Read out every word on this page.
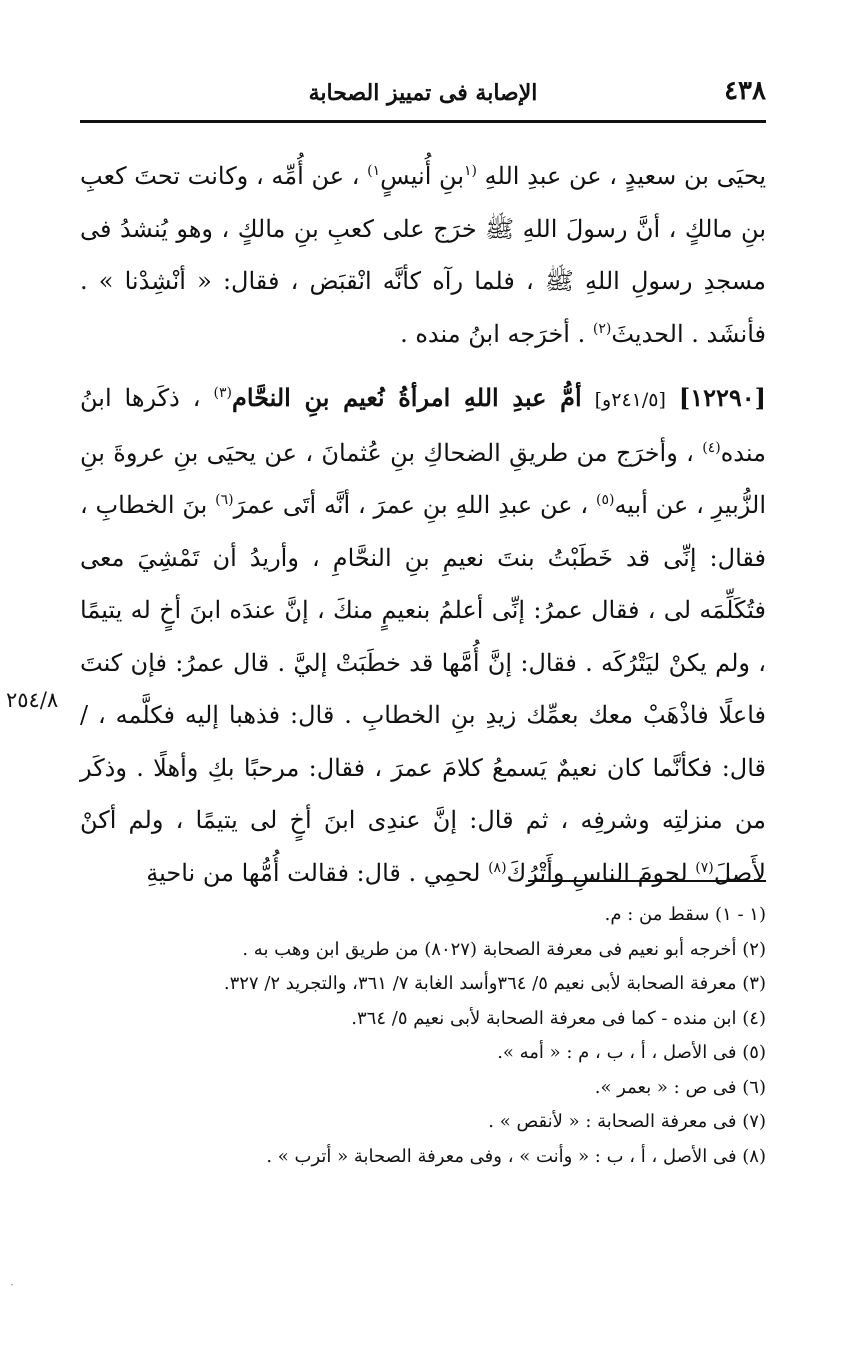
٤٣٨
الإصابة فى تمييز الصحابة

يحيَى بن سعيدٍ ، عن عبدِ اللهِ $^{(١}$بنِ أُنيسٍ$^{١)}$ ، عن أُمِّه ، وكانت تحتَ كعبِ بنِ مالكٍ ، أنَّ رسولَ اللهِ ﷺ خرَج على كعبِ بنِ مالكٍ ، وهو يُنشدُ فى مسجدِ رسولِ اللهِ ﷺ ، فلما رآه كأنَّه انْقبَض ، فقال: « أنْشِدْنا » . فأنشَد . الحديثَ$^{(٢)}$ . أخرَجه ابنُ منده .

[١٢٢٩٠] [٢٤١/٥و] أمُّ عبدِ اللهِ امرأةُ نُعيم بنِ النحَّام$^{(٣)}$ ، ذكَرها ابنُ منده$^{(٤)}$ ، وأخرَج من طريقِ الضحاكِ بنِ عُثمانَ ، عن يحيَى بنِ عروةَ بنِ الزُّبيرِ ، عن أبيه$^{(٥)}$ ، عن عبدِ اللهِ بنِ عمرَ ، أنَّه أتَى عمرَ$^{(٦)}$ بنَ الخطابِ ، فقال: إنِّى قد خَطَبْتُ بنتَ نعيمِ بنِ النحَّامِ ، وأريدُ أن تَمْشِيَ معى فتُكَلِّمَه لى ، فقال عمرُ: إنِّى أعلمُ بنعيمٍ منكَ ، إنَّ عندَه ابنَ أخٍ له يتيمًا ، ولم يكنْ ليَتْرُكَه . فقال: إنَّ أُمَّها قد خطَبَتْ إليَّ . قال عمرُ: فإن كنتَ فاعلًا فاذْهَبْ معك بعمِّك زيدِ بنِ الخطابِ . قال: فذهبا إليه فكلَّمه ، /قال: فكأنَّما كان نعيمٌ يَسمعُ كلامَ عمرَ ، فقال: مرحبًا بكِ وأهلًا . وذكَر من منزلتِه وشرفِه ، ثم قال: إنَّ عندِى ابنَ أخٍ لى يتيمًا ، ولم أكنْ لأَصلَ$^{(٧)}$ لحومَ الناسِ وأَتْرُكَ$^{(٨)}$ لحمِي . قال: فقالت أُمُّها من ناحيةِ

٢٥٤/٨

(١ - ١) سقط من : م.

(٢) أخرجه أبو نعيم فى معرفة الصحابة (٨٠٢٧) من طريق ابن وهب به .

(٣) معرفة الصحابة لأبى نعيم ٥/ ٣٦٤وأسد الغابة ٧/ ٣٦١، والتجريد ٢/ ٣٢٧.

(٤) ابن منده - كما فى معرفة الصحابة لأبى نعيم ٥/ ٣٦٤.

(٥) فى الأصل ، أ ، ب ، م : « أمه ».

(٦) فى ص : « بعمر ».

(٧) فى معرفة الصحابة : « لأنقص » .

(٨) فى الأصل ، أ ، ب : « وأنت » ، وفى معرفة الصحابة « أترب » .

·
